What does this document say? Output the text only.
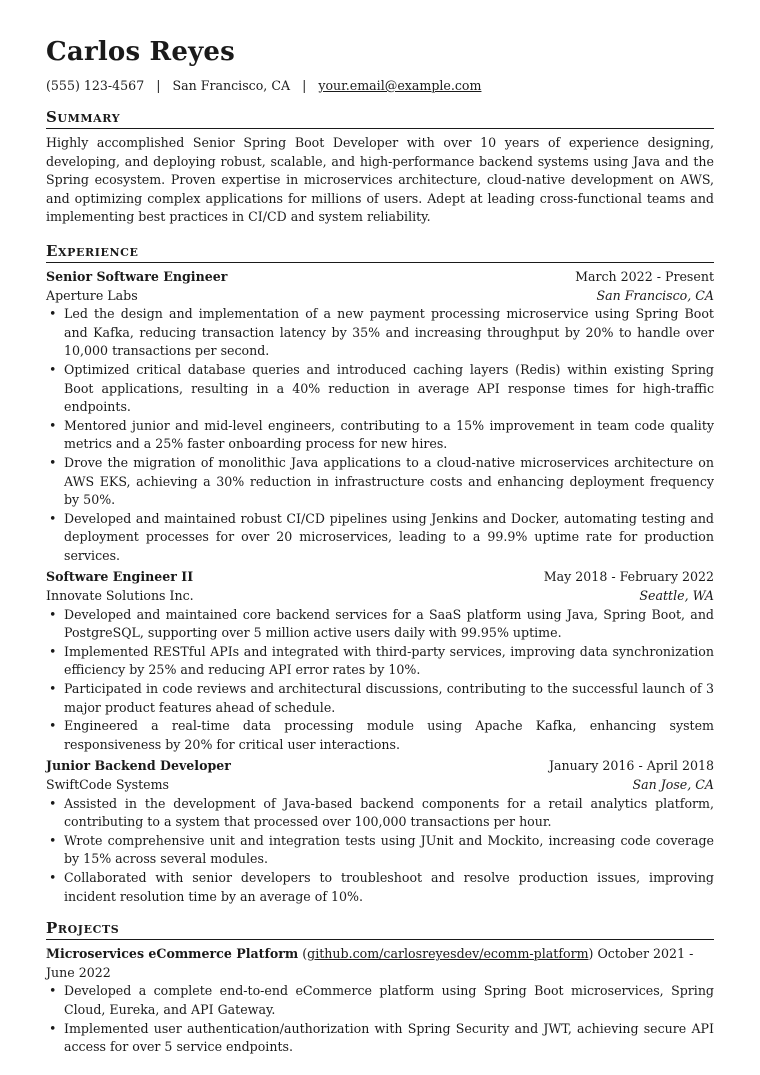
Carlos Reyes
(555) 123-4567 | San Francisco, CA | your.email@example.com
Summary
Highly accomplished Senior Spring Boot Developer with over 10 years of experience designing, developing, and deploying robust, scalable, and high-performance backend systems using Java and the Spring ecosystem. Proven expertise in microservices architecture, cloud-native development on AWS, and optimizing complex applications for millions of users. Adept at leading cross-functional teams and implementing best practices in CI/CD and system reliability.
Experience
Senior Software Engineer	March 2022 - Present
Aperture Labs	San Francisco, CA
• Led the design and implementation of a new payment processing microservice using Spring Boot and Kafka, reducing transaction latency by 35% and increasing throughput by 20% to handle over 10,000 transactions per second.
• Optimized critical database queries and introduced caching layers (Redis) within existing Spring Boot applications, resulting in a 40% reduction in average API response times for high-traffic endpoints.
• Mentored junior and mid-level engineers, contributing to a 15% improvement in team code quality metrics and a 25% faster onboarding process for new hires.
• Drove the migration of monolithic Java applications to a cloud-native microservices architecture on AWS EKS, achieving a 30% reduction in infrastructure costs and enhancing deployment frequency by 50%.
• Developed and maintained robust CI/CD pipelines using Jenkins and Docker, automating testing and deployment processes for over 20 microservices, leading to a 99.9% uptime rate for production services.
Software Engineer II	May 2018 - February 2022
Innovate Solutions Inc.	Seattle, WA
• Developed and maintained core backend services for a SaaS platform using Java, Spring Boot, and PostgreSQL, supporting over 5 million active users daily with 99.95% uptime.
• Implemented RESTful APIs and integrated with third-party services, improving data synchronization efficiency by 25% and reducing API error rates by 10%.
• Participated in code reviews and architectural discussions, contributing to the successful launch of 3 major product features ahead of schedule.
• Engineered a real-time data processing module using Apache Kafka, enhancing system responsiveness by 20% for critical user interactions.
Junior Backend Developer	January 2016 - April 2018
SwiftCode Systems	San Jose, CA
• Assisted in the development of Java-based backend components for a retail analytics platform, contributing to a system that processed over 100,000 transactions per hour.
• Wrote comprehensive unit and integration tests using JUnit and Mockito, increasing code coverage by 15% across several modules.
• Collaborated with senior developers to troubleshoot and resolve production issues, improving incident resolution time by an average of 10%.
Projects
Microservices eCommerce Platform (github.com/carlosreyesdev/ecomm-platform) October 2021 - June 2022
• Developed a complete end-to-end eCommerce platform using Spring Boot microservices, Spring Cloud, Eureka, and API Gateway.
• Implemented user authentication/authorization with Spring Security and JWT, achieving secure API access for over 5 service endpoints.
